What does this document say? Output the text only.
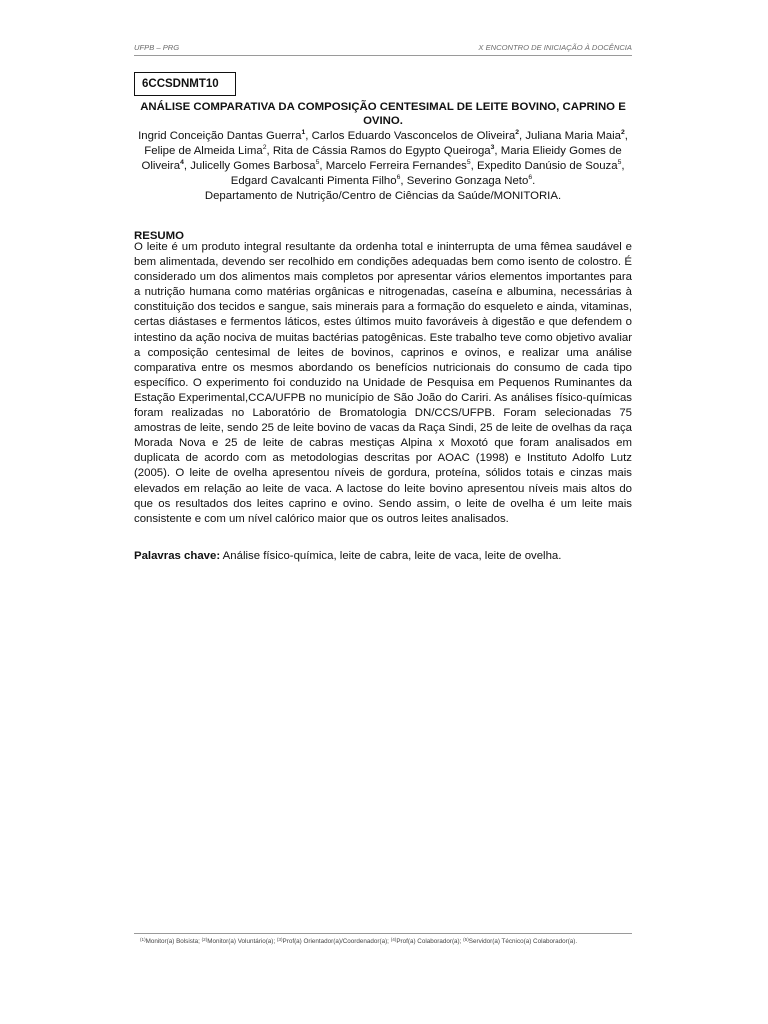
UFPB – PRG	X ENCONTRO DE INICIAÇÃO À DOCÊNCIA
6CCSDNMT10
ANÁLISE COMPARATIVA DA COMPOSIÇÃO CENTESIMAL DE LEITE BOVINO, CAPRINO E OVINO.
Ingrid Conceição Dantas Guerra$^1$, Carlos Eduardo Vasconcelos de Oliveira$^2$, Juliana Maria Maia$^2$, Felipe de Almeida Lima$^2$, Rita de Cássia Ramos do Egypto Queiroga$^3$, Maria Elieidy Gomes de Oliveira$^4$, Julicelly Gomes Barbosa$^5$, Marcelo Ferreira Fernandes$^5$, Expedito Danúsio de Souza$^5$, Edgard Cavalcanti Pimenta Filho$^6$, Severino Gonzaga Neto$^6$.
Departamento de Nutrição/Centro de Ciências da Saúde/MONITORIA.
RESUMO
O leite é um produto integral resultante da ordenha total e ininterrupta de uma fêmea saudável e bem alimentada, devendo ser recolhido em condições adequadas bem como isento de colostro. É considerado um dos alimentos mais completos por apresentar vários elementos importantes para a nutrição humana como matérias orgânicas e nitrogenadas, caseína e albumina, necessárias à constituição dos tecidos e sangue, sais minerais para a formação do esqueleto e ainda, vitaminas, certas diástases e fermentos láticos, estes últimos muito favoráveis à digestão e que defendem o intestino da ação nociva de muitas bactérias patogênicas. Este trabalho teve como objetivo avaliar a composição centesimal de leites de bovinos, caprinos e ovinos, e realizar uma análise comparativa entre os mesmos abordando os benefícios nutricionais do consumo de cada tipo específico. O experimento foi conduzido na Unidade de Pesquisa em Pequenos Ruminantes da Estação Experimental,CCA/UFPB no município de São João do Cariri. As análises físico-químicas foram realizadas no Laboratório de Bromatologia DN/CCS/UFPB. Foram selecionadas 75 amostras de leite, sendo 25 de leite bovino de vacas da Raça Sindi, 25 de leite de ovelhas da raça Morada Nova e 25 de leite de cabras mestiças Alpina x Moxotó que foram analisados em duplicata de acordo com as metodologias descritas por AOAC (1998) e Instituto Adolfo Lutz (2005). O leite de ovelha apresentou níveis de gordura, proteína, sólidos totais e cinzas mais elevados em relação ao leite de vaca. A lactose do leite bovino apresentou níveis mais altos do que os resultados dos leites caprino e ovino. Sendo assim, o leite de ovelha é um leite mais consistente e com um nível calórico maior que os outros leites analisados.
Palavras chave: Análise físico-química, leite de cabra, leite de vaca, leite de ovelha.
$^{(1)}$Monitor(a) Bolsista; $^{(2)}$Monitor(a) Voluntário(a); $^{(3)}$Prof(a) Orientador(a)/Coordenador(a); $^{(4)}$Prof(a) Colaborador(a); $^{(5)}$Servidor(a) Técnico(a) Colaborador(a).
